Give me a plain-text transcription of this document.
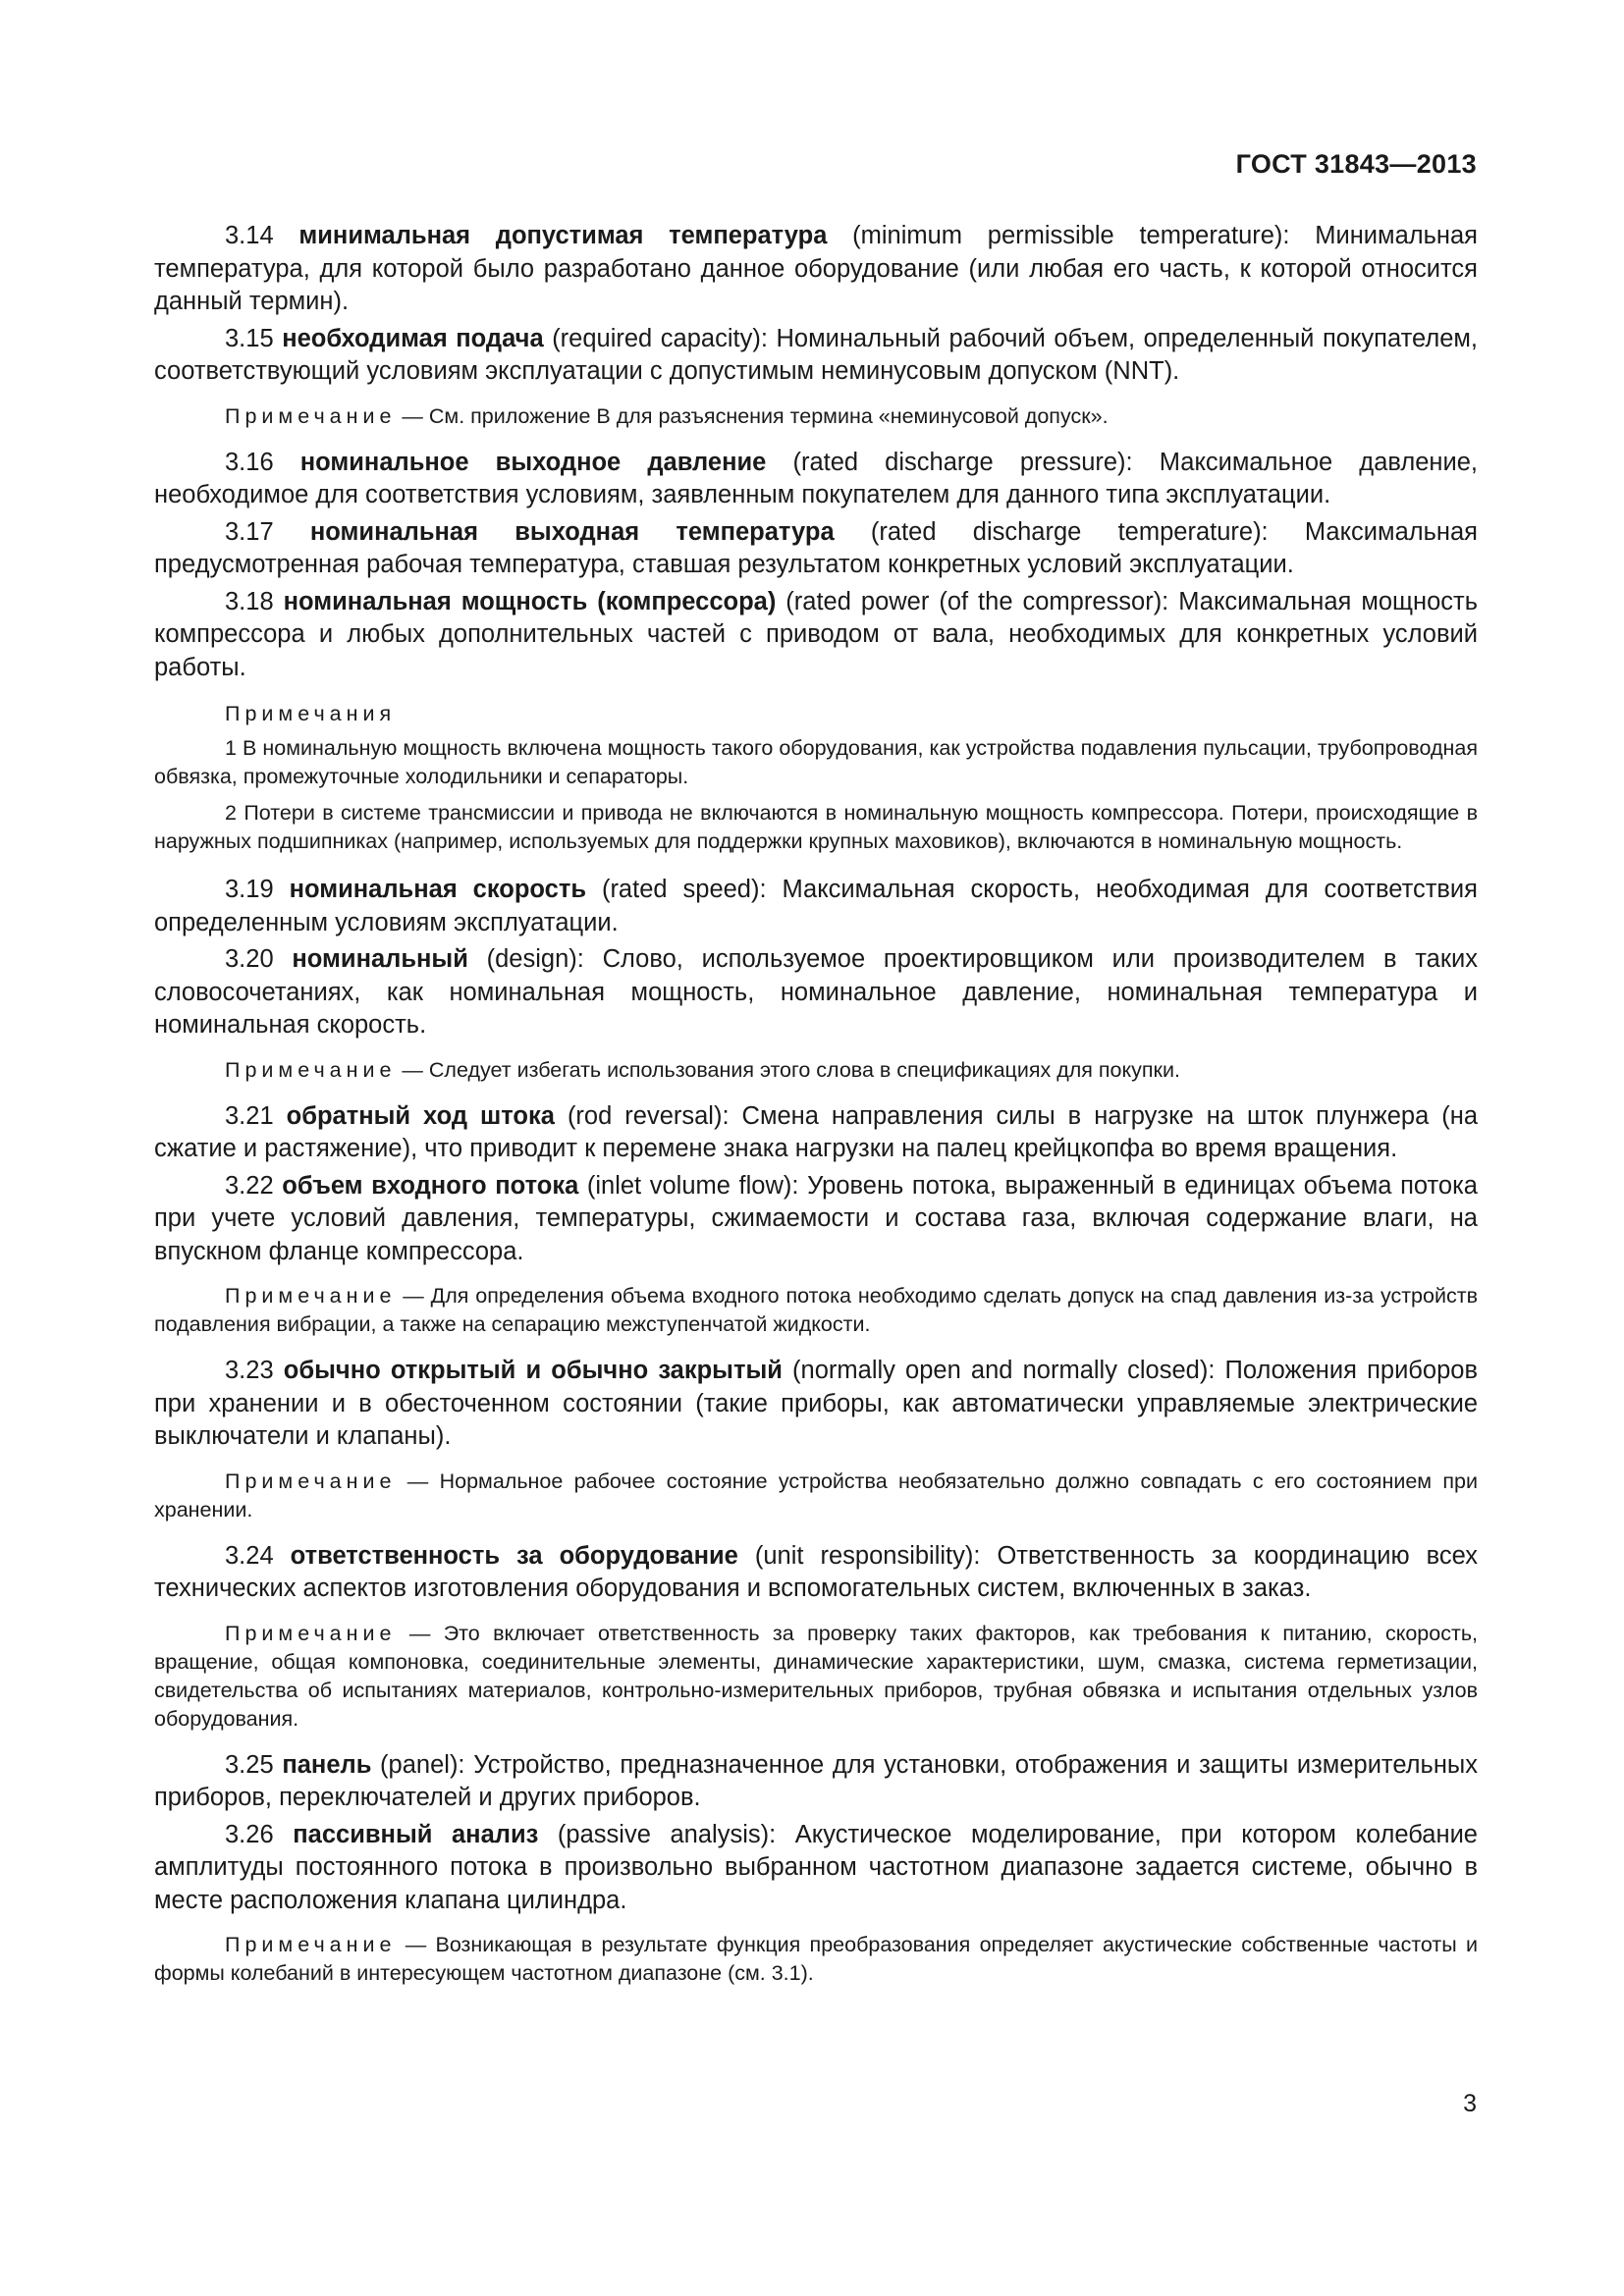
ГОСТ 31843—2013

3.14 минимальная допустимая температура (minimum permissible temperature): Минимальная температура, для которой было разработано данное оборудование (или любая его часть, к которой относится данный термин).

3.15 необходимая подача (required capacity): Номинальный рабочий объем, определенный покупателем, соответствующий условиям эксплуатации с допустимым неминусовым допуском (NNT).

Примечание — См. приложение В для разъяснения термина «неминусовой допуск».

3.16 номинальное выходное давление (rated discharge pressure): Максимальное давление, необходимое для соответствия условиям, заявленным покупателем для данного типа эксплуатации.

3.17 номинальная выходная температура (rated discharge temperature): Максимальная предусмотренная рабочая температура, ставшая результатом конкретных условий эксплуатации.

3.18 номинальная мощность (компрессора) (rated power (of the compressor): Максимальная мощность компрессора и любых дополнительных частей с приводом от вала, необходимых для конкретных условий работы.

Примечания

1 В номинальную мощность включена мощность такого оборудования, как устройства подавления пульсации, трубопроводная обвязка, промежуточные холодильники и сепараторы.

2 Потери в системе трансмиссии и привода не включаются в номинальную мощность компрессора. Потери, происходящие в наружных подшипниках (например, используемых для поддержки крупных маховиков), включаются в номинальную мощность.

3.19 номинальная скорость (rated speed): Максимальная скорость, необходимая для соответствия определенным условиям эксплуатации.

3.20 номинальный (design): Слово, используемое проектировщиком или производителем в таких словосочетаниях, как номинальная мощность, номинальное давление, номинальная температура и номинальная скорость.

Примечание — Следует избегать использования этого слова в спецификациях для покупки.

3.21 обратный ход штока (rod reversal): Смена направления силы в нагрузке на шток плунжера (на сжатие и растяжение), что приводит к перемене знака нагрузки на палец крейцкопфа во время вращения.

3.22 объем входного потока (inlet volume flow): Уровень потока, выраженный в единицах объема потока при учете условий давления, температуры, сжимаемости и состава газа, включая содержание влаги, на впускном фланце компрессора.

Примечание — Для определения объема входного потока необходимо сделать допуск на спад давления из-за устройств подавления вибрации, а также на сепарацию межступенчатой жидкости.

3.23 обычно открытый и обычно закрытый (normally open and normally closed): Положения приборов при хранении и в обесточенном состоянии (такие приборы, как автоматически управляемые электрические выключатели и клапаны).

Примечание — Нормальное рабочее состояние устройства необязательно должно совпадать с его состоянием при хранении.

3.24 ответственность за оборудование (unit responsibility): Ответственность за координацию всех технических аспектов изготовления оборудования и вспомогательных систем, включенных в заказ.

Примечание — Это включает ответственность за проверку таких факторов, как требования к питанию, скорость, вращение, общая компоновка, соединительные элементы, динамические характеристики, шум, смазка, система герметизации, свидетельства об испытаниях материалов, контрольно-измерительных приборов, трубная обвязка и испытания отдельных узлов оборудования.

3.25 панель (panel): Устройство, предназначенное для установки, отображения и защиты измерительных приборов, переключателей и других приборов.

3.26 пассивный анализ (passive analysis): Акустическое моделирование, при котором колебание амплитуды постоянного потока в произвольно выбранном частотном диапазоне задается системе, обычно в месте расположения клапана цилиндра.

Примечание — Возникающая в результате функция преобразования определяет акустические собственные частоты и формы колебаний в интересующем частотном диапазоне (см. 3.1).

3
